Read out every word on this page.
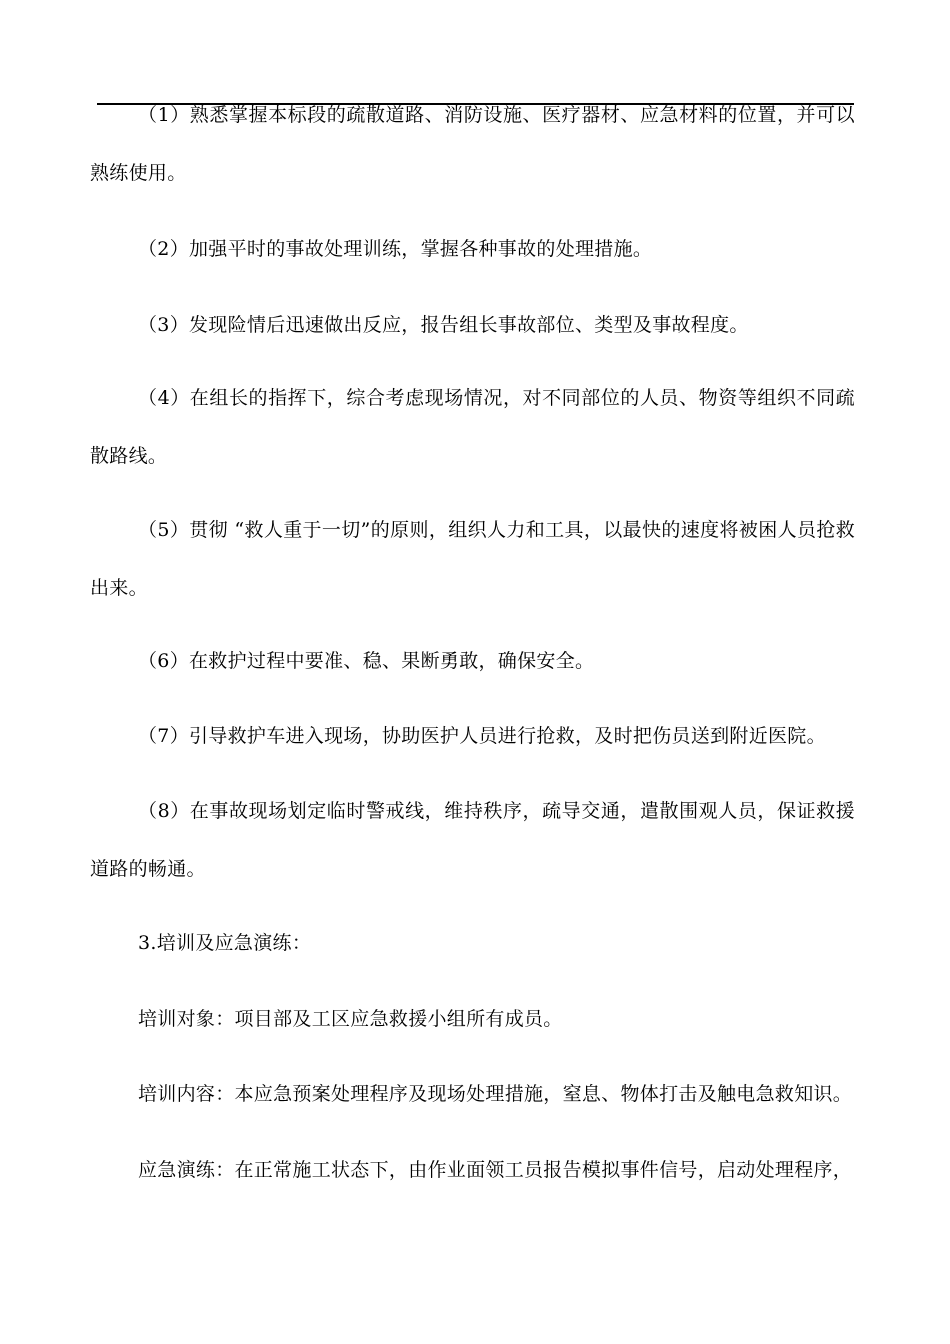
（1）熟悉掌握本标段的疏散道路、消防设施、医疗器材、应急材料的位置，并可以熟练使用。

（2）加强平时的事故处理训练，掌握各种事故的处理措施。

（3）发现险情后迅速做出反应，报告组长事故部位、类型及事故程度。

（4）在组长的指挥下，综合考虑现场情况，对不同部位的人员、物资等组织不同疏散路线。

（5）贯彻 “救人重于一切”的原则，组织人力和工具，以最快的速度将被困人员抢救出来。

（6）在救护过程中要准、稳、果断勇敢，确保安全。

（7）引导救护车进入现场，协助医护人员进行抢救，及时把伤员送到附近医院。

（8）在事故现场划定临时警戒线，维持秩序，疏导交通，遣散围观人员，保证救援道路的畅通。

3.培训及应急演练：

培训对象：项目部及工区应急救援小组所有成员。

培训内容：本应急预案处理程序及现场处理措施，窒息、物体打击及触电急救知识。

应急演练：在正常施工状态下，由作业面领工员报告模拟事件信号，启动处理程序，
